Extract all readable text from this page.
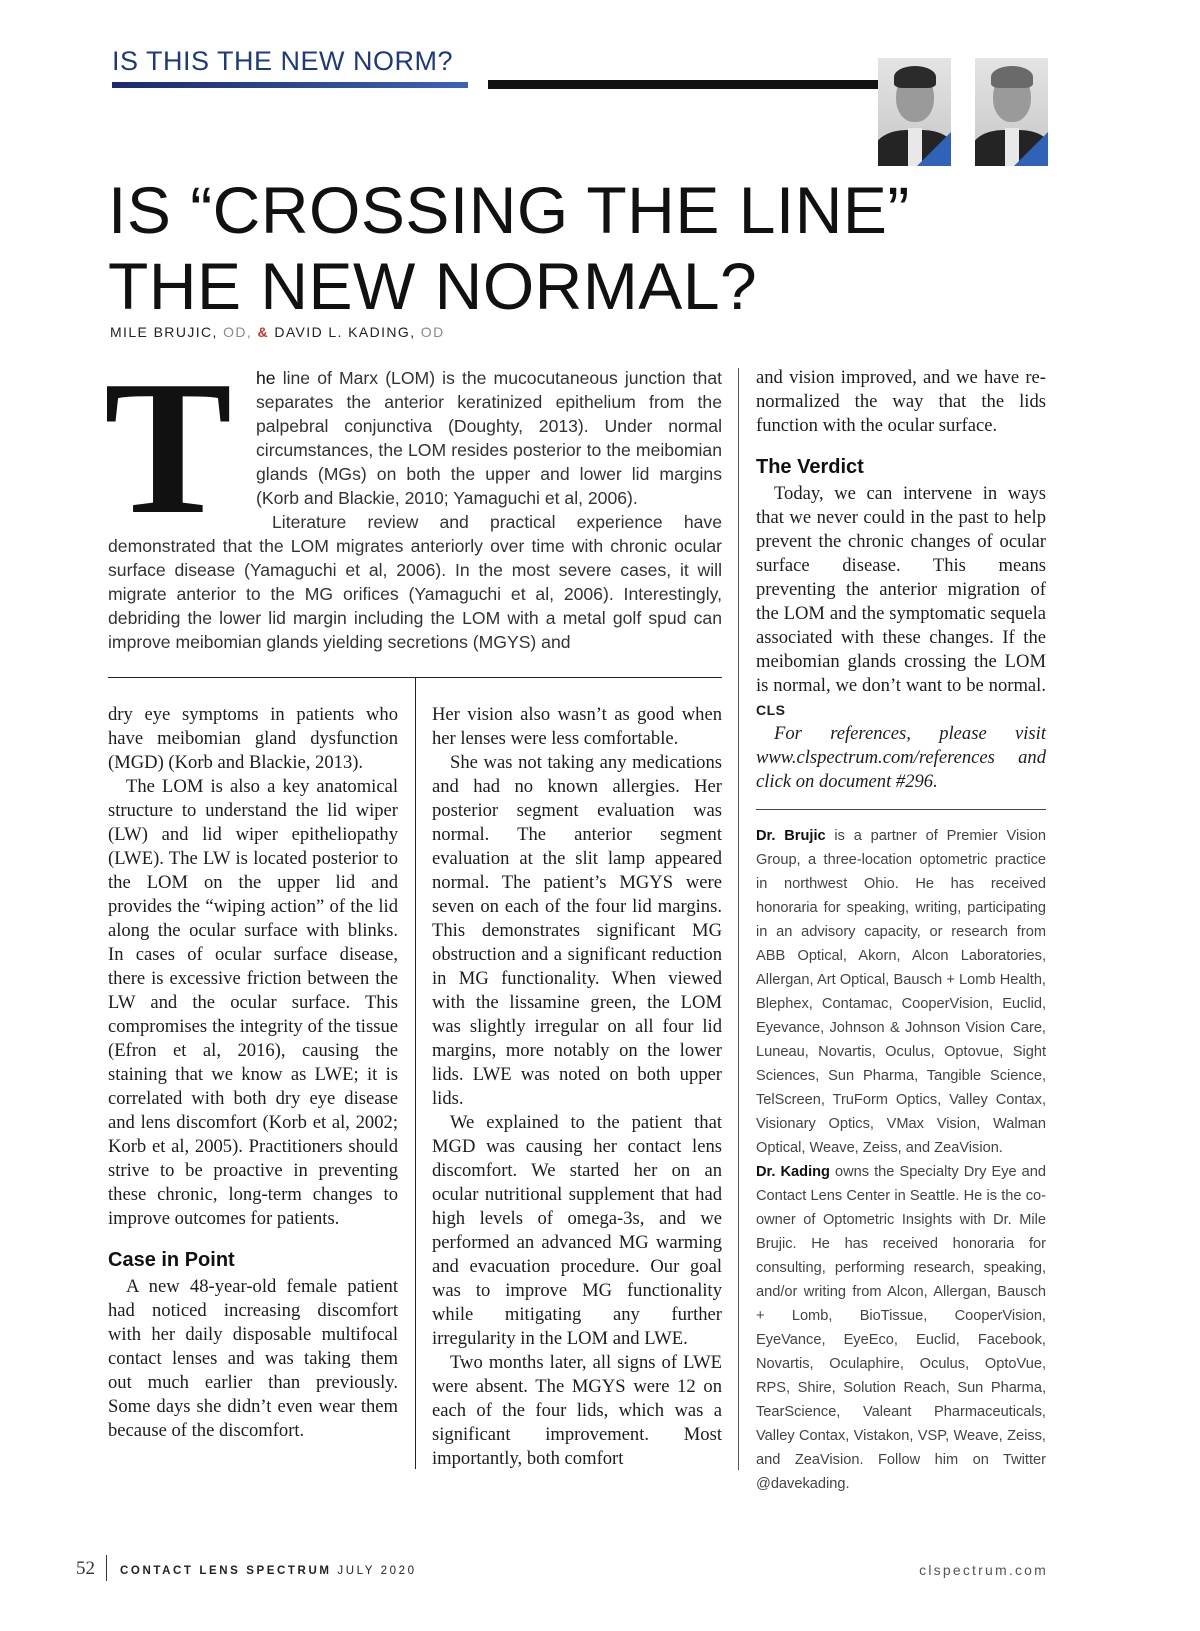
IS THIS THE NEW NORM?
IS “CROSSING THE LINE”
THE NEW NORMAL?
MILE BRUJIC, OD, & DAVID L. KADING, OD
T he line of Marx (LOM) is the mucocutaneous junction that separates the anterior keratinized epithelium from the palpebral conjunctiva (Doughty, 2013). Under normal circumstances, the LOM resides posterior to the meibomian glands (MGs) on both the upper and lower lid margins (Korb and Blackie, 2010; Yamaguchi et al, 2006).

Literature review and practical experience have demonstrated that the LOM migrates anteriorly over time with chronic ocular surface disease (Yamaguchi et al, 2006). In the most severe cases, it will migrate anterior to the MG orifices (Yamaguchi et al, 2006). Interestingly, debriding the lower lid margin including the LOM with a metal golf spud can improve meibomian glands yielding secretions (MGYS) and

dry eye symptoms in patients who have meibomian gland dysfunction (MGD) (Korb and Blackie, 2013).

The LOM is also a key anatomical structure to understand the lid wiper (LW) and lid wiper epitheliopathy (LWE). The LW is located posterior to the LOM on the upper lid and provides the “wiping action” of the lid along the ocular surface with blinks. In cases of ocular surface disease, there is excessive friction between the LW and the ocular surface. This compromises the integrity of the tissue (Efron et al, 2016), causing the staining that we know as LWE; it is correlated with both dry eye disease and lens discomfort (Korb et al, 2002; Korb et al, 2005). Practitioners should strive to be proactive in preventing these chronic, long-term changes to improve outcomes for patients.

Case in Point

A new 48-year-old female patient had noticed increasing discomfort with her daily disposable multifocal contact lenses and was taking them out much earlier than previously. Some days she didn’t even wear them because of the discomfort.

Her vision also wasn’t as good when her lenses were less comfortable.

She was not taking any medications and had no known allergies. Her posterior segment evaluation was normal. The anterior segment evaluation at the slit lamp appeared normal. The patient’s MGYS were seven on each of the four lid margins. This demonstrates significant MG obstruction and a significant reduction in MG functionality. When viewed with the lissamine green, the LOM was slightly irregular on all four lid margins, more notably on the lower lids. LWE was noted on both upper lids.

We explained to the patient that MGD was causing her contact lens discomfort. We started her on an ocular nutritional supplement that had high levels of omega-3s, and we performed an advanced MG warming and evacuation procedure. Our goal was to improve MG functionality while mitigating any further irregularity in the LOM and LWE.

Two months later, all signs of LWE were absent. The MGYS were 12 on each of the four lids, which was a significant improvement. Most importantly, both comfort

and vision improved, and we have re-normalized the way that the lids function with the ocular surface.

The Verdict

Today, we can intervene in ways that we never could in the past to help prevent the chronic changes of ocular surface disease. This means preventing the anterior migration of the LOM and the symptomatic sequela associated with these changes. If the meibomian glands crossing the LOM is normal, we don’t want to be normal. CLS

For references, please visit www.clspectrum.com/references and click on document #296.

Dr. Brujic is a partner of Premier Vision Group, a three-location optometric practice in northwest Ohio. He has received honoraria for speaking, writing, participating in an advisory capacity, or research from ABB Optical, Akorn, Alcon Laboratories, Allergan, Art Optical, Bausch + Lomb Health, Blephex, Contamac, CooperVision, Euclid, Eyevance, Johnson & Johnson Vision Care, Luneau, Novartis, Oculus, Optovue, Sight Sciences, Sun Pharma, Tangible Science, TelScreen, TruForm Optics, Valley Contax, Visionary Optics, VMax Vision, Walman Optical, Weave, Zeiss, and ZeaVision.

Dr. Kading owns the Specialty Dry Eye and Contact Lens Center in Seattle. He is the co-owner of Optometric Insights with Dr. Mile Brujic. He has received honoraria for consulting, performing research, speaking, and/or writing from Alcon, Allergan, Bausch + Lomb, BioTissue, CooperVision, EyeVance, EyeEco, Euclid, Facebook, Novartis, Oculaphire, Oculus, OptoVue, RPS, Shire, Solution Reach, Sun Pharma, TearScience, Valeant Pharmaceuticals, Valley Contax, Vistakon, VSP, Weave, Zeiss, and ZeaVision. Follow him on Twitter @davekading.

52 CONTACT LENS SPECTRUM JULY 2020	clspectrum.com
